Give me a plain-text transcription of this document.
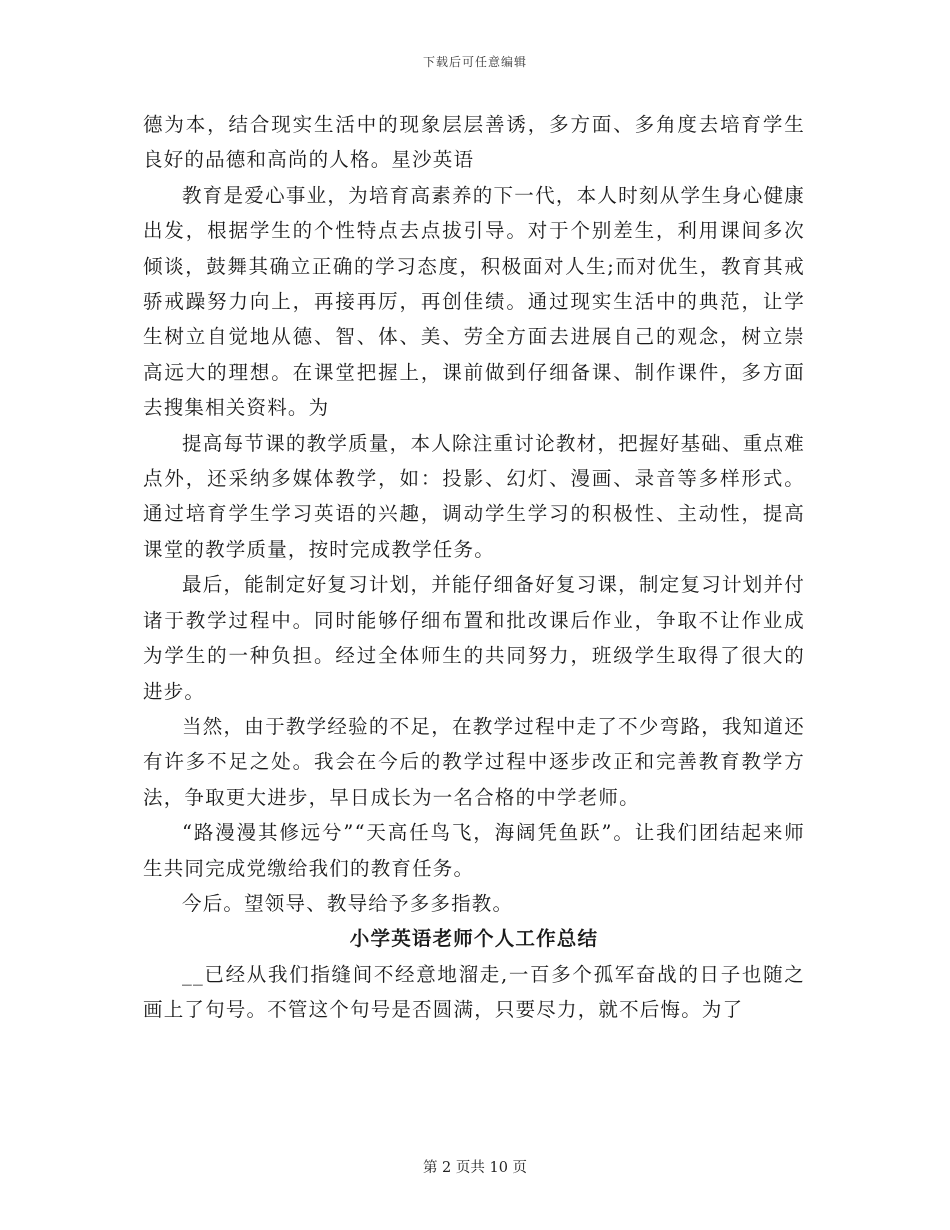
下载后可任意编辑

德为本，结合现实生活中的现象层层善诱，多方面、多角度去培育学生良好的品德和高尚的人格。星沙英语

教育是爱心事业，为培育高素养的下一代，本人时刻从学生身心健康出发，根据学生的个性特点去点拔引导。对于个别差生，利用课间多次倾谈，鼓舞其确立正确的学习态度，积极面对人生;而对优生，教育其戒骄戒躁努力向上，再接再厉，再创佳绩。通过现实生活中的典范，让学生树立自觉地从德、智、体、美、劳全方面去进展自己的观念，树立崇高远大的理想。在课堂把握上，课前做到仔细备课、制作课件，多方面去搜集相关资料。为

提高每节课的教学质量，本人除注重讨论教材，把握好基础、重点难点外，还采纳多媒体教学，如：投影、幻灯、漫画、录音等多样形式。通过培育学生学习英语的兴趣，调动学生学习的积极性、主动性，提高课堂的教学质量，按时完成教学任务。

最后，能制定好复习计划，并能仔细备好复习课，制定复习计划并付诸于教学过程中。同时能够仔细布置和批改课后作业，争取不让作业成为学生的一种负担。经过全体师生的共同努力，班级学生取得了很大的进步。

当然，由于教学经验的不足，在教学过程中走了不少弯路，我知道还有许多不足之处。我会在今后的教学过程中逐步改正和完善教育教学方法，争取更大进步，早日成长为一名合格的中学老师。

“路漫漫其修远兮”“天高任鸟飞，海阔凭鱼跃”。让我们团结起来师生共同完成党缴给我们的教育任务。

今后。望领导、教导给予多多指教。

小学英语老师个人工作总结

__已经从我们指缝间不经意地溜走,一百多个孤军奋战的日子也随之画上了句号。不管这个句号是否圆满，只要尽力，就不后悔。为了

第 2 页共 10 页
